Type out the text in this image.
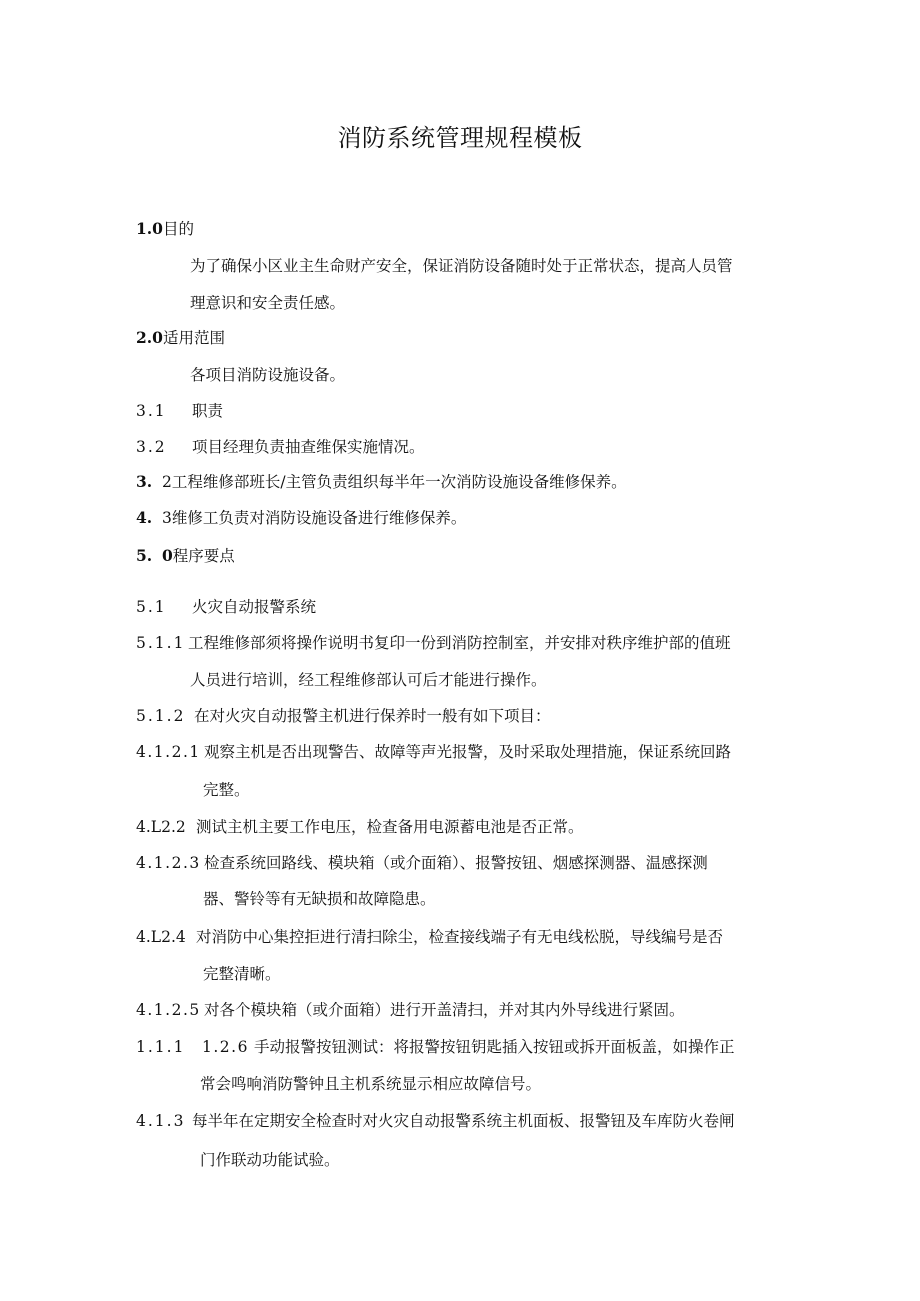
消防系统管理规程模板
1.0目的
为了确保小区业主生命财产安全，保证消防设备随时处于正常状态，提高人员管
理意识和安全责任感。
2.0适用范围
各项目消防设施设备。
3.1 职责
3.2 项目经理负责抽查维保实施情况。
3. 2工程维修部班长/主管负责组织每半年一次消防设施设备维修保养。
4. 3维修工负责对消防设施设备进行维修保养。
5. 0程序要点
5.1 火灾自动报警系统
5.1.1 工程维修部须将操作说明书复印一份到消防控制室，并安排对秩序维护部的值班
人员进行培训，经工程维修部认可后才能进行操作。
5.1.2 在对火灾自动报警主机进行保养时一般有如下项目：
4.1.2.1 观察主机是否出现警告、故障等声光报警，及时采取处理措施，保证系统回路
完整。
4.L2.2 测试主机主要工作电压，检查备用电源蓄电池是否正常。
4.1.2.3 检查系统回路线、模块箱（或介面箱）、报警按钮、烟感探测器、温感探测
器、警铃等有无缺损和故障隐患。
4.L2.4 对消防中心集控拒进行清扫除尘，检查接线端子有无电线松脱，导线编号是否
完整清晰。
4.1.2.5 对各个模块箱（或介面箱）进行开盖清扫，并对其内外导线进行紧固。
1.1.1 1.2.6 手动报警按钮测试：将报警按钮钥匙插入按钮或拆开面板盖，如操作正
常会鸣响消防警钟且主机系统显示相应故障信号。
4.1.3 每半年在定期安全检查时对火灾自动报警系统主机面板、报警钮及车库防火卷闸
门作联动功能试验。
